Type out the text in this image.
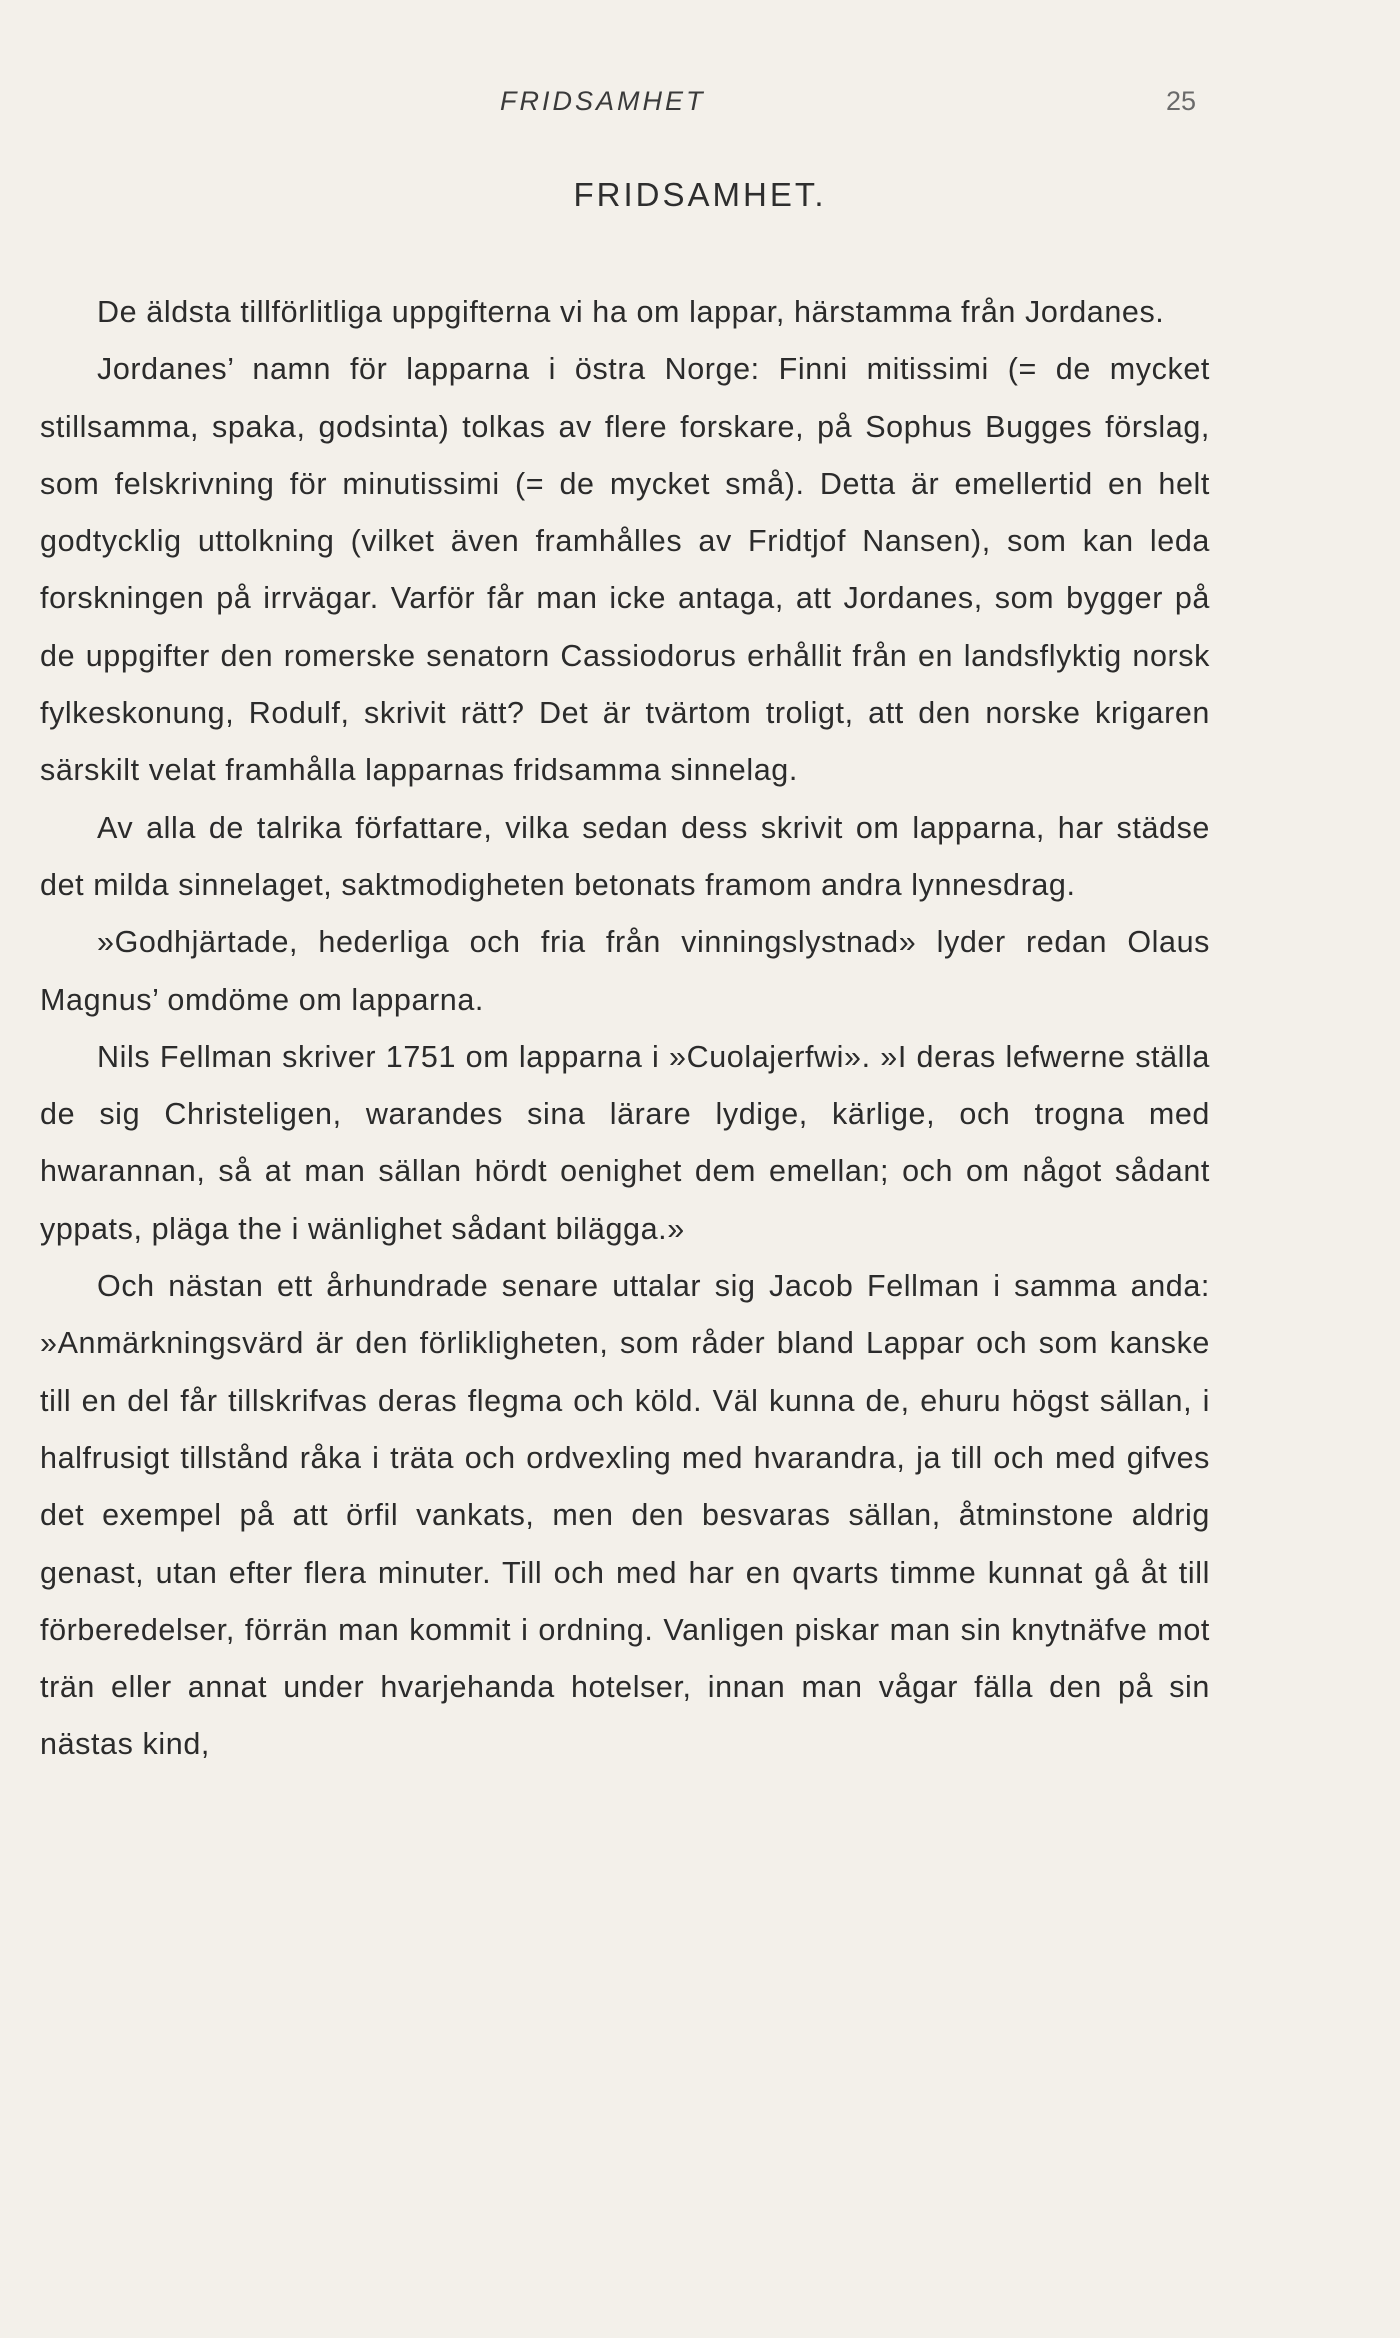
FRIDSAMHET	25
FRIDSAMHET.

De äldsta tillförlitliga uppgifterna vi ha om lappar, härstamma från Jordanes.

Jordanes’ namn för lapparna i östra Norge: Finni mitissimi (= de mycket stillsamma, spaka, godsinta) tolkas av flere forskare, på Sophus Bugges förslag, som felskrivning för minutissimi (= de mycket små). Detta är emellertid en helt godtycklig uttolkning (vilket även framhålles av Fridtjof Nansen), som kan leda forskningen på irrvägar. Varför får man icke antaga, att Jordanes, som bygger på de uppgifter den romerske senatorn Cassiodorus erhållit från en landsflyktig norsk fylkeskonung, Rodulf, skrivit rätt? Det är tvärtom troligt, att den norske krigaren särskilt velat framhålla lapparnas fridsamma sinnelag.

Av alla de talrika författare, vilka sedan dess skrivit om lapparna, har städse det milda sinnelaget, saktmodigheten betonats framom andra lynnesdrag.

»Godhjärtade, hederliga och fria från vinningslystnad» lyder redan Olaus Magnus’ omdöme om lapparna.

Nils Fellman skriver 1751 om lapparna i »Cuolajerfwi». »I deras lefwerne ställa de sig Christeligen, warandes sina lärare lydige, kärlige, och trogna med hwarannan, så at man sällan hördt oenighet dem emellan; och om något sådant yppats, pläga the i wänlighet sådant bilägga.»

Och nästan ett århundrade senare uttalar sig Jacob Fellman i samma anda: »Anmärkningsvärd är den förlikligheten, som råder bland Lappar och som kanske till en del får tillskrifvas deras flegma och köld. Väl kunna de, ehuru högst sällan, i halfrusigt tillstånd råka i träta och ordvexling med hvarandra, ja till och med gifves det exempel på att örfil vankats, men den besvaras sällan, åtminstone aldrig genast, utan efter flera minuter. Till och med har en qvarts timme kunnat gå åt till förberedelser, förrän man kommit i ordning. Vanligen piskar man sin knytnäfve mot trän eller annat under hvarjehanda hotelser, innan man vågar fälla den på sin nästas kind,
